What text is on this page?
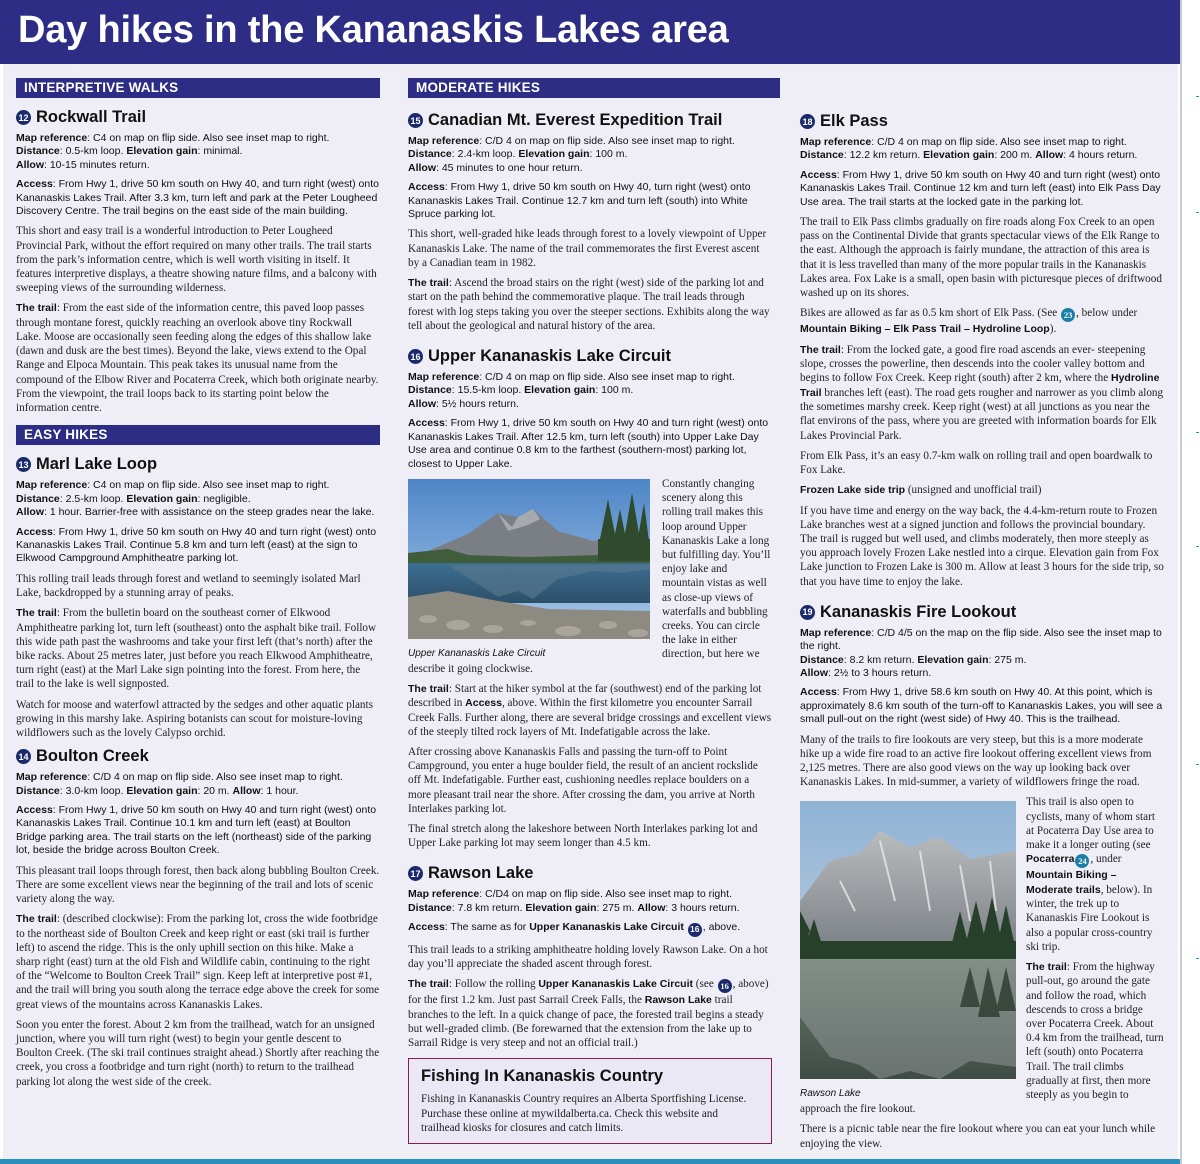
Day hikes in the Kananaskis Lakes area
INTERPRETIVE WALKS
12 Rockwall Trail
Map reference: C4 on map on flip side. Also see inset map to right.
Distance: 0.5-km loop. Elevation gain: minimal.
Allow: 10-15 minutes return.
Access: From Hwy 1, drive 50 km south on Hwy 40, and turn right (west) onto Kananaskis Lakes Trail. After 3.3 km, turn left and park at the Peter Lougheed Discovery Centre. The trail begins on the east side of the main building.
This short and easy trail is a wonderful introduction to Peter Lougheed Provincial Park, without the effort required on many other trails. The trail starts from the park’s information centre, which is well worth visiting in itself. It features interpretive displays, a theatre showing nature films, and a balcony with sweeping views of the surrounding wilderness.
The trail: From the east side of the information centre, this paved loop passes through montane forest, quickly reaching an overlook above tiny Rockwall Lake. Moose are occasionally seen feeding along the edges of this shallow lake (dawn and dusk are the best times). Beyond the lake, views extend to the Opal Range and Elpoca Mountain. This peak takes its unusual name from the compound of the Elbow River and Pocaterra Creek, which both originate nearby. From the viewpoint, the trail loops back to its starting point below the information centre.
EASY HIKES
13 Marl Lake Loop
Map reference: C4 on map on flip side. Also see inset map to right.
Distance: 2.5-km loop. Elevation gain: negligible.
Allow: 1 hour. Barrier-free with assistance on the steep grades near the lake.
Access: From Hwy 1, drive 50 km south on Hwy 40 and turn right (west) onto Kananaskis Lakes Trail. Continue 5.8 km and turn left (east) at the sign to Elkwood Campground Amphitheatre parking lot.
This rolling trail leads through forest and wetland to seemingly isolated Marl Lake, backdropped by a stunning array of peaks.
The trail: From the bulletin board on the southeast corner of Elkwood Amphitheatre parking lot, turn left (southeast) onto the asphalt bike trail. Follow this wide path past the washrooms and take your first left (that’s north) after the bike racks. About 25 metres later, just before you reach Elkwood Amphitheatre, turn right (east) at the Marl Lake sign pointing into the forest. From here, the trail to the lake is well signposted.
Watch for moose and waterfowl attracted by the sedges and other aquatic plants growing in this marshy lake. Aspiring botanists can scout for moisture-loving wildflowers such as the lovely Calypso orchid.
14 Boulton Creek
Map reference: C/D 4 on map on flip side. Also see inset map to right.
Distance: 3.0-km loop. Elevation gain: 20 m. Allow: 1 hour.
Access: From Hwy 1, drive 50 km south on Hwy 40 and turn right (west) onto Kananaskis Lakes Trail. Continue 10.1 km and turn left (east) at Boulton Bridge parking area. The trail starts on the left (northeast) side of the parking lot, beside the bridge across Boulton Creek.
This pleasant trail loops through forest, then back along bubbling Boulton Creek. There are some excellent views near the beginning of the trail and lots of scenic variety along the way.
The trail: (described clockwise): From the parking lot, cross the wide footbridge to the northeast side of Boulton Creek and keep right or east (ski trail is further left) to ascend the ridge. This is the only uphill section on this hike. Make a sharp right (east) turn at the old Fish and Wildlife cabin, continuing to the right of the “Welcome to Boulton Creek Trail” sign. Keep left at interpretive post #1, and the trail will bring you south along the terrace edge above the creek for some great views of the mountains across Kananaskis Lakes.
Soon you enter the forest. About 2 km from the trailhead, watch for an unsigned junction, where you will turn right (west) to begin your gentle descent to Boulton Creek. (The ski trail continues straight ahead.) Shortly after reaching the creek, you cross a footbridge and turn right (north) to return to the trailhead parking lot along the west side of the creek.
MODERATE HIKES
15 Canadian Mt. Everest Expedition Trail
Map reference: C/D 4 on map on flip side. Also see inset map to right.
Distance: 2.4-km loop. Elevation gain: 100 m.
Allow: 45 minutes to one hour return.
Access: From Hwy 1, drive 50 km south on Hwy 40, turn right (west) onto Kananaskis Lakes Trail. Continue 12.7 km and turn left (south) into White Spruce parking lot.
This short, well-graded hike leads through forest to a lovely viewpoint of Upper Kananaskis Lake. The name of the trail commemorates the first Everest ascent by a Canadian team in 1982.
The trail: Ascend the broad stairs on the right (west) side of the parking lot and start on the path behind the commemorative plaque. The trail leads through forest with log steps taking you over the steeper sections. Exhibits along the way tell about the geological and natural history of the area.
16 Upper Kananaskis Lake Circuit
Map reference: C/D 4 on map on flip side. Also see inset map to right.
Distance: 15.5-km loop. Elevation gain: 100 m.
Allow: 5½ hours return.
Access: From Hwy 1, drive 50 km south on Hwy 40 and turn right (west) onto Kananaskis Lakes Trail. After 12.5 km, turn left (south) into Upper Lake Day Use area and continue 0.8 km to the farthest (southern-most) parking lot, closest to Upper Lake.
Upper Kananaskis Lake Circuit
Constantly changing scenery along this rolling trail makes this loop around Upper Kananaskis Lake a long but fulfilling day. You’ll enjoy lake and mountain vistas as well as close-up views of waterfalls and bubbling creeks. You can circle the lake in either direction, but here we describe it going clockwise.
The trail: Start at the hiker symbol at the far (southwest) end of the parking lot described in Access, above. Within the first kilometre you encounter Sarrail Creek Falls. Further along, there are several bridge crossings and excellent views of the steeply tilted rock layers of Mt. Indefatigable across the lake.
After crossing above Kananaskis Falls and passing the turn-off to Point Campground, you enter a huge boulder field, the result of an ancient rockslide off Mt. Indefatigable. Further east, cushioning needles replace boulders on a more pleasant trail near the shore. After crossing the dam, you arrive at North Interlakes parking lot.
The final stretch along the lakeshore between North Interlakes parking lot and Upper Lake parking lot may seem longer than 4.5 km.
17 Rawson Lake
Map reference: C/D4 on map on flip side. Also see inset map to right.
Distance: 7.8 km return. Elevation gain: 275 m. Allow: 3 hours return.
Access: The same as for Upper Kananaskis Lake Circuit 16 , above.
This trail leads to a striking amphitheatre holding lovely Rawson Lake. On a hot day you’ll appreciate the shaded ascent through forest.
The trail: Follow the rolling Upper Kananaskis Lake Circuit (see 16 , above) for the first 1.2 km. Just past Sarrail Creek Falls, the Rawson Lake trail branches to the left. In a quick change of pace, the forested trail begins a steady but well-graded climb. (Be forewarned that the extension from the lake up to Sarrail Ridge is very steep and not an official trail.)
Fishing In Kananaskis Country
Fishing in Kananaskis Country requires an Alberta Sportfishing License. Purchase these online at mywildalberta.ca. Check this website and trailhead kiosks for closures and catch limits.
18 Elk Pass
Map reference: C/D 4 on map on flip side. Also see inset map to right.
Distance: 12.2 km return. Elevation gain: 200 m. Allow: 4 hours return.
Access: From Hwy 1, drive 50 km south on Hwy 40 and turn right (west) onto Kananaskis Lakes Trail. Continue 12 km and turn left (east) into Elk Pass Day Use area. The trail starts at the locked gate in the parking lot.
The trail to Elk Pass climbs gradually on fire roads along Fox Creek to an open pass on the Continental Divide that grants spectacular views of the Elk Range to the east. Although the approach is fairly mundane, the attraction of this area is that it is less travelled than many of the more popular trails in the Kananaskis Lakes area. Fox Lake is a small, open basin with picturesque pieces of driftwood washed up on its shores.
Bikes are allowed as far as 0.5 km short of Elk Pass. (See 23 , below under Mountain Biking – Elk Pass Trail – Hydroline Loop).
The trail: From the locked gate, a good fire road ascends an ever- steepening slope, crosses the powerline, then descends into the cooler valley bottom and begins to follow Fox Creek. Keep right (south) after 2 km, where the Hydroline Trail branches left (east). The road gets rougher and narrower as you climb along the sometimes marshy creek. Keep right (west) at all junctions as you near the flat environs of the pass, where you are greeted with information boards for Elk Lakes Provincial Park.
From Elk Pass, it’s an easy 0.7-km walk on rolling trail and open boardwalk to Fox Lake.
Frozen Lake side trip (unsigned and unofficial trail)
If you have time and energy on the way back, the 4.4-km-return route to Frozen Lake branches west at a signed junction and follows the provincial boundary. The trail is rugged but well used, and climbs moderately, then more steeply as you approach lovely Frozen Lake nestled into a cirque. Elevation gain from Fox Lake junction to Frozen Lake is 300 m. Allow at least 3 hours for the side trip, so that you have time to enjoy the lake.
19 Kananaskis Fire Lookout
Map reference: C/D 4/5 on the map on the flip side. Also see the inset map to the right.
Distance: 8.2 km return. Elevation gain: 275 m.
Allow: 2½ to 3 hours return.
Access: From Hwy 1, drive 58.6 km south on Hwy 40. At this point, which is approximately 8.6 km south of the turn-off to Kananaskis Lakes, you will see a small pull-out on the right (west side) of Hwy 40. This is the trailhead.
Many of the trails to fire lookouts are very steep, but this is a more moderate hike up a wide fire road to an active fire lookout offering excellent views from 2,125 metres. There are also good views on the way up looking back over Kananaskis Lakes. In mid-summer, a variety of wildflowers fringe the road.
Rawson Lake
This trail is also open to cyclists, many of whom start at Pocaterra Day Use area to make it a longer outing (see Pocaterra 24 , under Mountain Biking – Moderate trails, below). In winter, the trek up to Kananaskis Fire Lookout is also a popular cross-country ski trip.
The trail: From the highway pull-out, go around the gate and follow the road, which descends to cross a bridge over Pocaterra Creek. About 0.4 km from the trailhead, turn left (south) onto Pocaterra Trail. The trail climbs gradually at first, then more steeply as you begin to approach the fire lookout.
There is a picnic table near the fire lookout where you can eat your lunch while enjoying the view.
